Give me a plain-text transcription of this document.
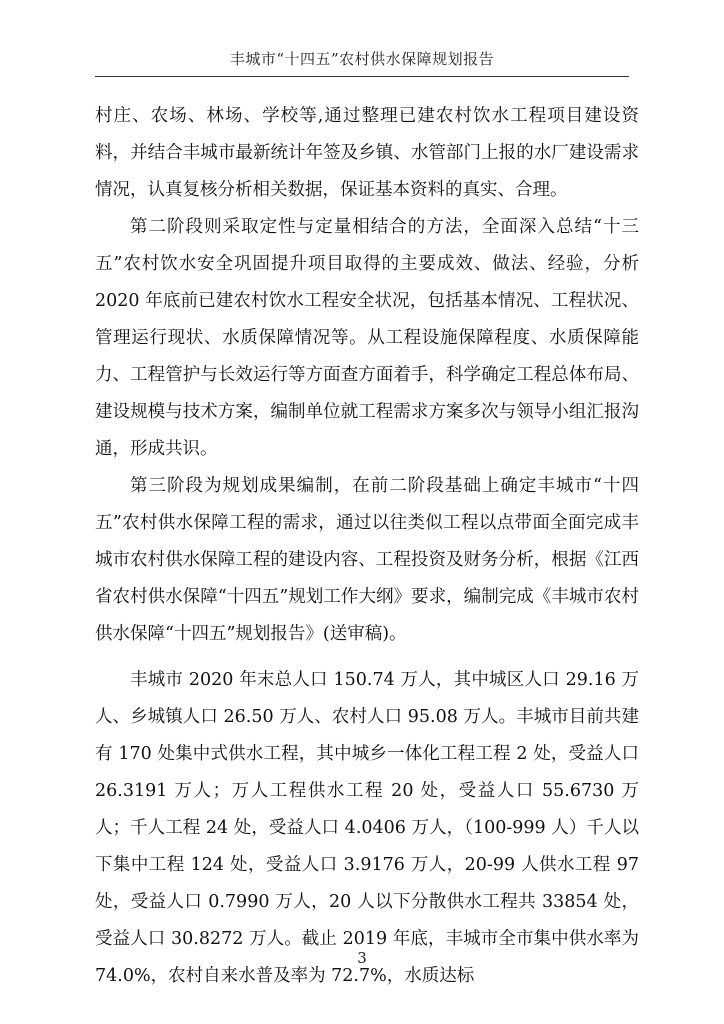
丰城市“十四五”农村供水保障规划报告

村庄、农场、林场、学校等,通过整理已建农村饮水工程项目建设资料，并结合丰城市最新统计年签及乡镇、水管部门上报的水厂建设需求情况，认真复核分析相关数据，保证基本资料的真实、合理。

第二阶段则采取定性与定量相结合的方法，全面深入总结“十三五”农村饮水安全巩固提升项目取得的主要成效、做法、经验，分析 2020 年底前已建农村饮水工程安全状况，包括基本情况、工程状况、管理运行现状、水质保障情况等。从工程设施保障程度、水质保障能力、工程管护与长效运行等方面查方面着手，科学确定工程总体布局、建设规模与技术方案，编制单位就工程需求方案多次与领导小组汇报沟通，形成共识。

第三阶段为规划成果编制，在前二阶段基础上确定丰城市“十四五”农村供水保障工程的需求，通过以往类似工程以点带面全面完成丰城市农村供水保障工程的建设内容、工程投资及财务分析，根据《江西省农村供水保障“十四五”规划工作大纲》要求，编制完成《丰城市农村供水保障“十四五”规划报告》(送审稿)。

丰城市 2020 年末总人口 150.74 万人，其中城区人口 29.16 万人、乡城镇人口 26.50 万人、农村人口 95.08 万人。丰城市目前共建有 170 处集中式供水工程，其中城乡一体化工程工程 2 处，受益人口 26.3191 万人；万人工程供水工程 20 处，受益人口 55.6730 万人；千人工程 24 处，受益人口 4.0406 万人，（100-999 人）千人以下集中工程 124 处，受益人口 3.9176 万人，20-99 人供水工程 97 处，受益人口 0.7990 万人，20 人以下分散供水工程共 33854 处，受益人口 30.8272 万人。截止 2019 年底，丰城市全市集中供水率为 74.0%，农村自来水普及率为 72.7%，水质达标

3
